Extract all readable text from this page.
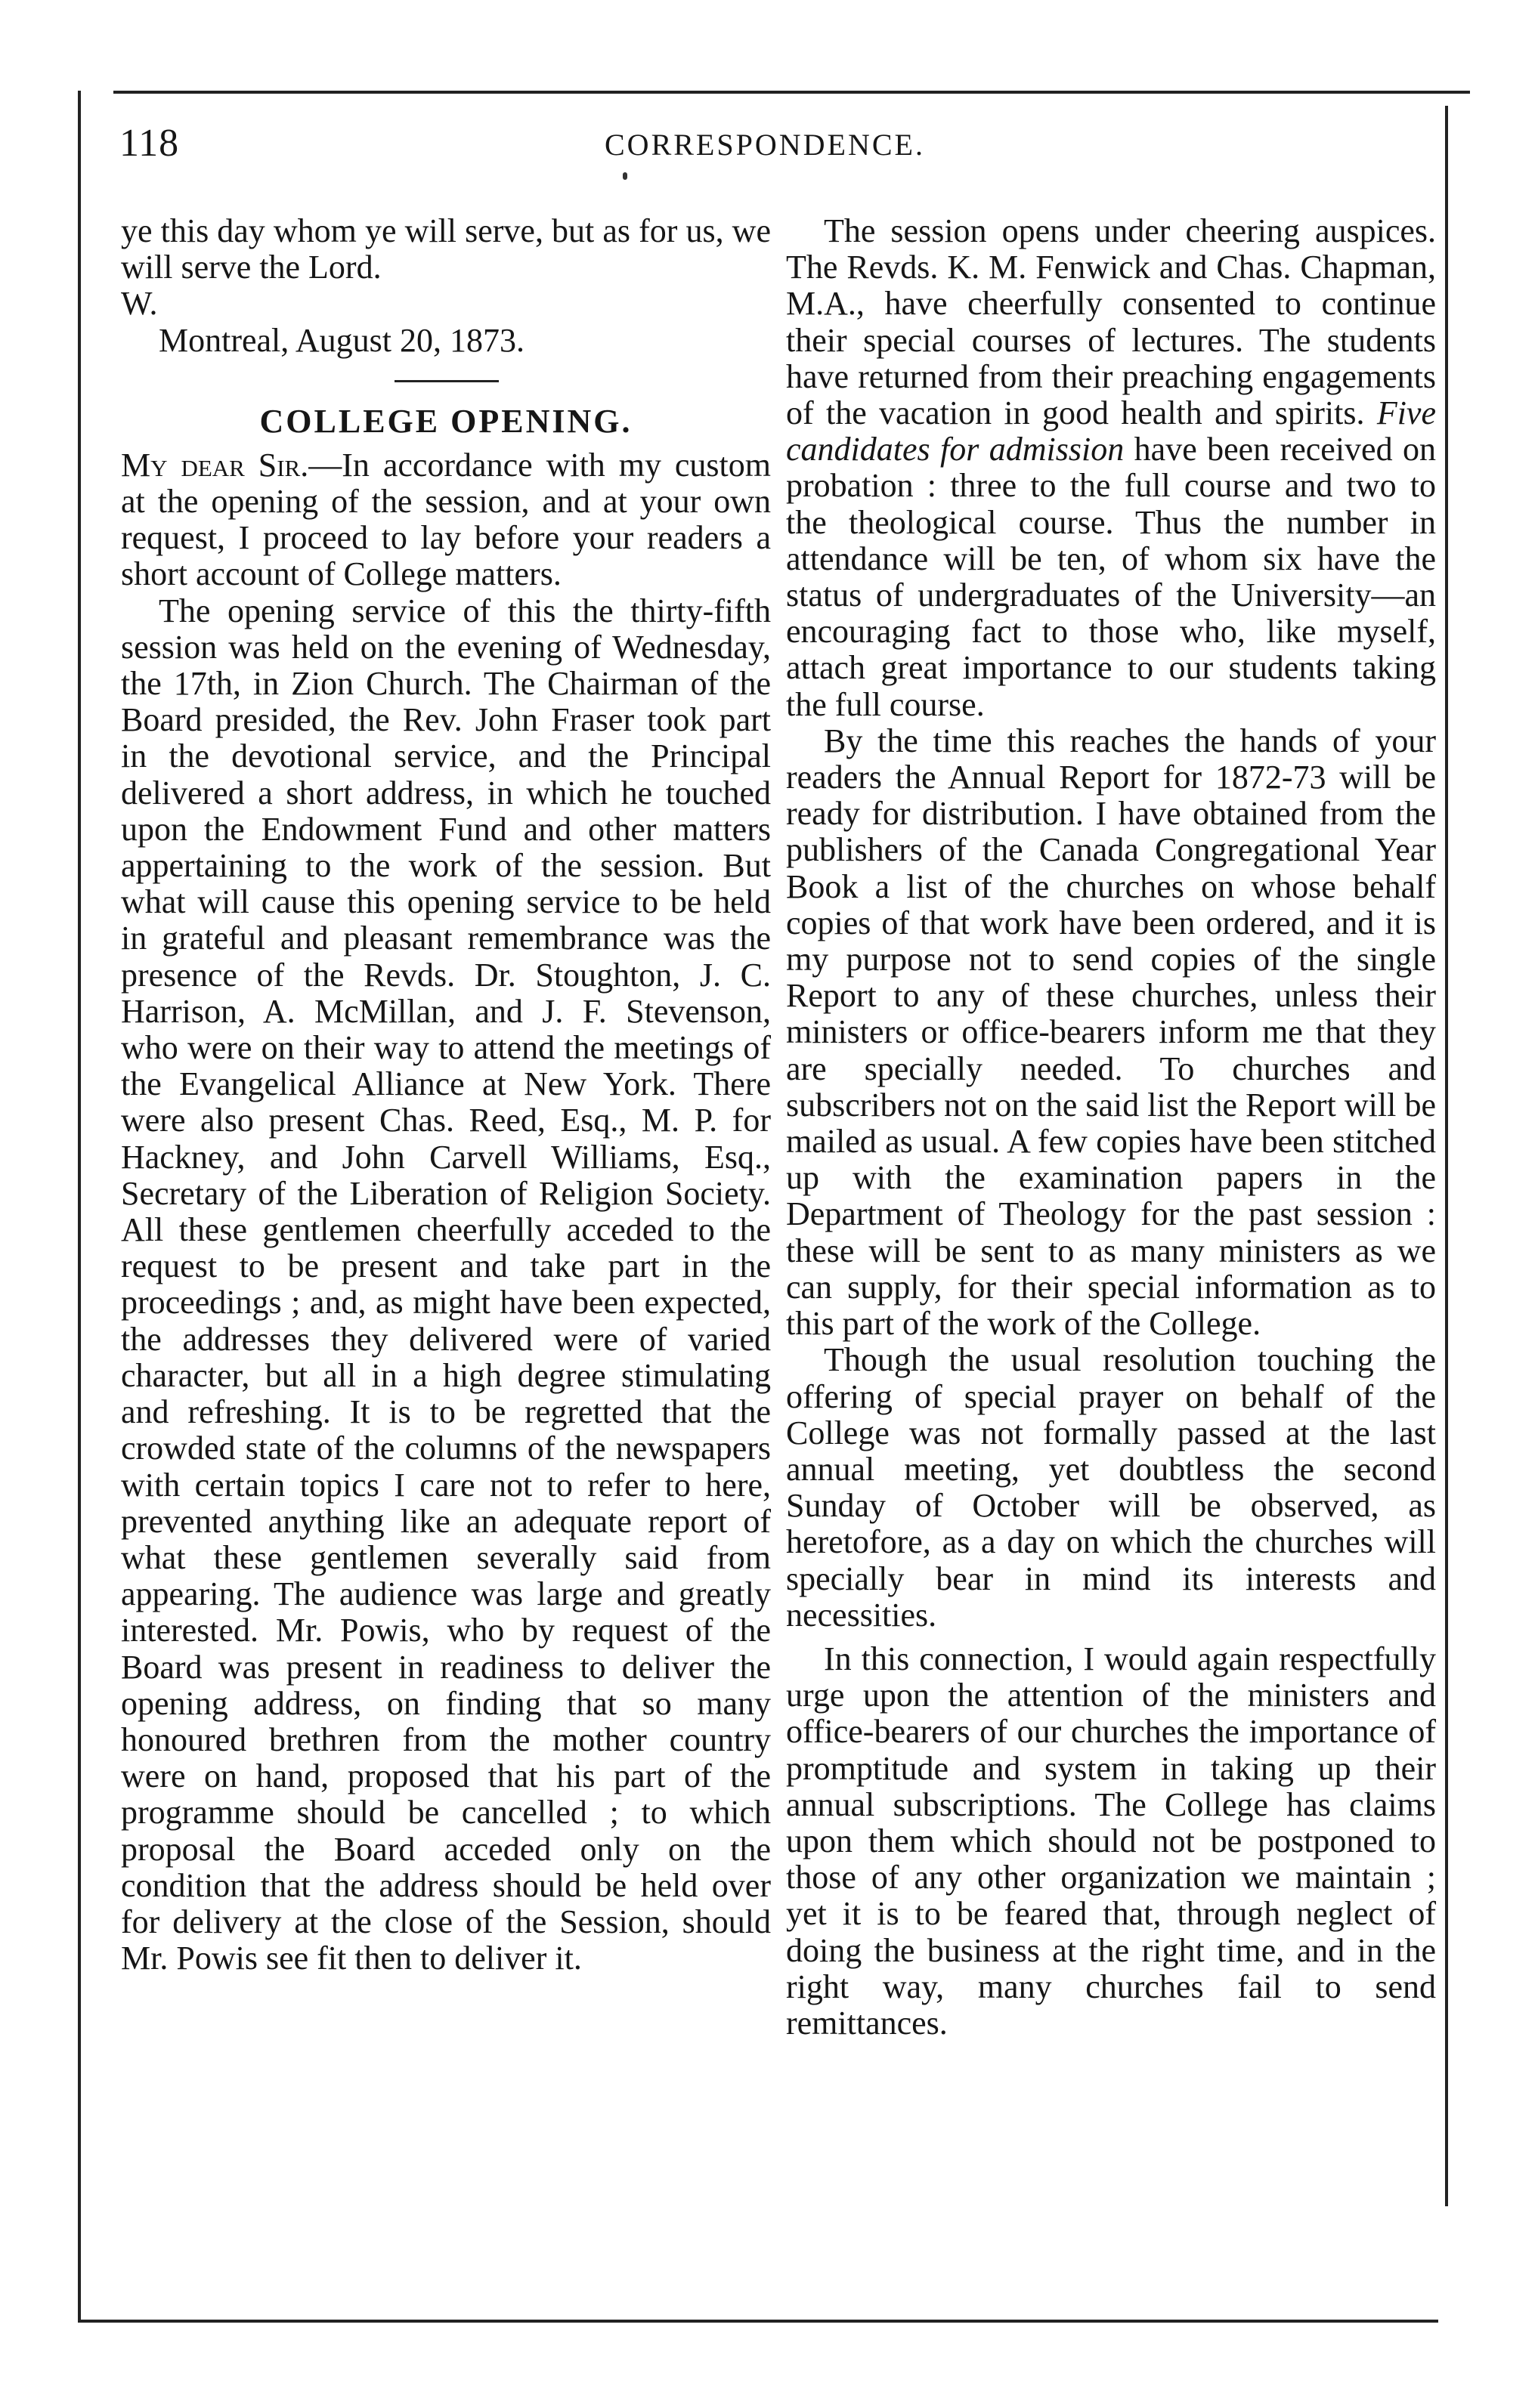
118	CORRESPONDENCE.

ye this day whom ye will serve, but as for us, we will serve the Lord.

W.

Montreal, August 20, 1873.

COLLEGE OPENING.

My dear Sir.—In accordance with my custom at the opening of the session, and at your own request, I proceed to lay before your readers a short account of College matters.

The opening service of this the thirty-fifth session was held on the evening of Wednesday, the 17th, in Zion Church. The Chairman of the Board presided, the Rev. John Fraser took part in the devotional service, and the Principal delivered a short address, in which he touched upon the Endowment Fund and other matters appertaining to the work of the session. But what will cause this opening service to be held in grateful and pleasant remembrance was the presence of the Revds. Dr. Stoughton, J. C. Harrison, A. McMillan, and J. F. Stevenson, who were on their way to attend the meetings of the Evangelical Alliance at New York. There were also present Chas. Reed, Esq., M. P. for Hackney, and John Carvell Williams, Esq., Secretary of the Liberation of Religion Society. All these gentlemen cheerfully acceded to the request to be present and take part in the proceedings ; and, as might have been expected, the addresses they delivered were of varied character, but all in a high degree stimulating and refreshing. It is to be regretted that the crowded state of the columns of the newspapers with certain topics I care not to refer to here, prevented anything like an adequate report of what these gentlemen severally said from appearing. The audience was large and greatly interested. Mr. Powis, who by request of the Board was present in readiness to deliver the opening address, on finding that so many honoured brethren from the mother country were on hand, proposed that his part of the programme should be cancelled ; to which proposal the Board acceded only on the condition that the address should be held over for delivery at the close of the Session, should Mr. Powis see fit then to deliver it.

The session opens under cheering auspices. The Revds. K. M. Fenwick and Chas. Chapman, M.A., have cheerfully consented to continue their special courses of lectures. The students have returned from their preaching engagements of the vacation in good health and spirits. Five candidates for admission have been received on probation : three to the full course and two to the theological course. Thus the number in attendance will be ten, of whom six have the status of undergraduates of the University—an encouraging fact to those who, like myself, attach great importance to our students taking the full course.

By the time this reaches the hands of your readers the Annual Report for 1872-73 will be ready for distribution. I have obtained from the publishers of the Canada Congregational Year Book a list of the churches on whose behalf copies of that work have been ordered, and it is my purpose not to send copies of the single Report to any of these churches, unless their ministers or office-bearers inform me that they are specially needed. To churches and subscribers not on the said list the Report will be mailed as usual. A few copies have been stitched up with the examination papers in the Department of Theology for the past session : these will be sent to as many ministers as we can supply, for their special information as to this part of the work of the College.

Though the usual resolution touching the offering of special prayer on behalf of the College was not formally passed at the last annual meeting, yet doubtless the second Sunday of October will be observed, as heretofore, as a day on which the churches will specially bear in mind its interests and necessities.

In this connection, I would again respectfully urge upon the attention of the ministers and office-bearers of our churches the importance of promptitude and system in taking up their annual subscriptions. The College has claims upon them which should not be postponed to those of any other organization we maintain ; yet it is to be feared that, through neglect of doing the business at the right time, and in the right way, many churches fail to send remittances.
